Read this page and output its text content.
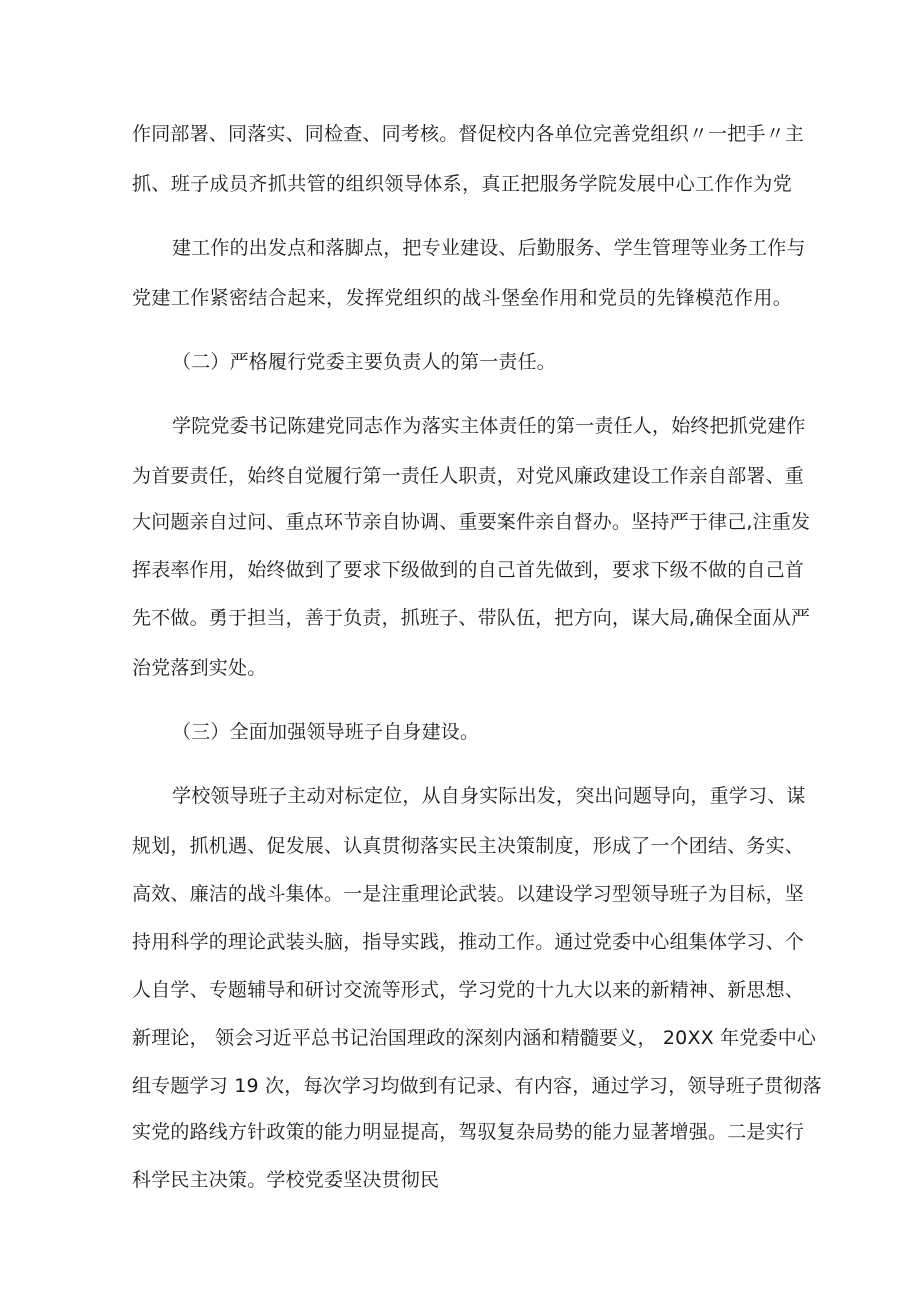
作同部署、同落实、同检查、同考核。督促校内各单位完善党组织〃一把手〃主
抓、班子成员齐抓共管的组织领导体系，真正把服务学院发展中心工作作为党
建工作的出发点和落脚点，把专业建设、后勤服务、学生管理等业务工作与
党建工作紧密结合起来，发挥党组织的战斗堡垒作用和党员的先锋模范作用。
（二）严格履行党委主要负责人的第一责任。
学院党委书记陈建党同志作为落实主体责任的第一责任人，始终把抓党建作
为首要责任，始终自觉履行第一责任人职责，对党风廉政建设工作亲自部署、重
大问题亲自过问、重点环节亲自协调、重要案件亲自督办。坚持严于律己,注重发
挥表率作用，始终做到了要求下级做到的自己首先做到，要求下级不做的自己首
先不做。勇于担当，善于负责，抓班子、带队伍，把方向，谋大局,确保全面从严
治党落到实处。
（三）全面加强领导班子自身建设。
学校领导班子主动对标定位，从自身实际出发，突出问题导向，重学习、谋
规划，抓机遇、促发展、认真贯彻落实民主决策制度，形成了一个团结、务实、
高效、廉洁的战斗集体。一是注重理论武装。以建设学习型领导班子为目标，坚
持用科学的理论武装头脑，指导实践，推动工作。通过党委中心组集体学习、个
人自学、专题辅导和研讨交流等形式，学习党的十九大以来的新精神、新思想、
新理论， 领会习近平总书记治国理政的深刻内涵和精髓要义， 20XX 年党委中心
组专题学习 19 次，每次学习均做到有记录、有内容，通过学习，领导班子贯彻落
实党的路线方针政策的能力明显提高，驾驭复杂局势的能力显著增强。二是实行
科学民主决策。学校党委坚决贯彻民
